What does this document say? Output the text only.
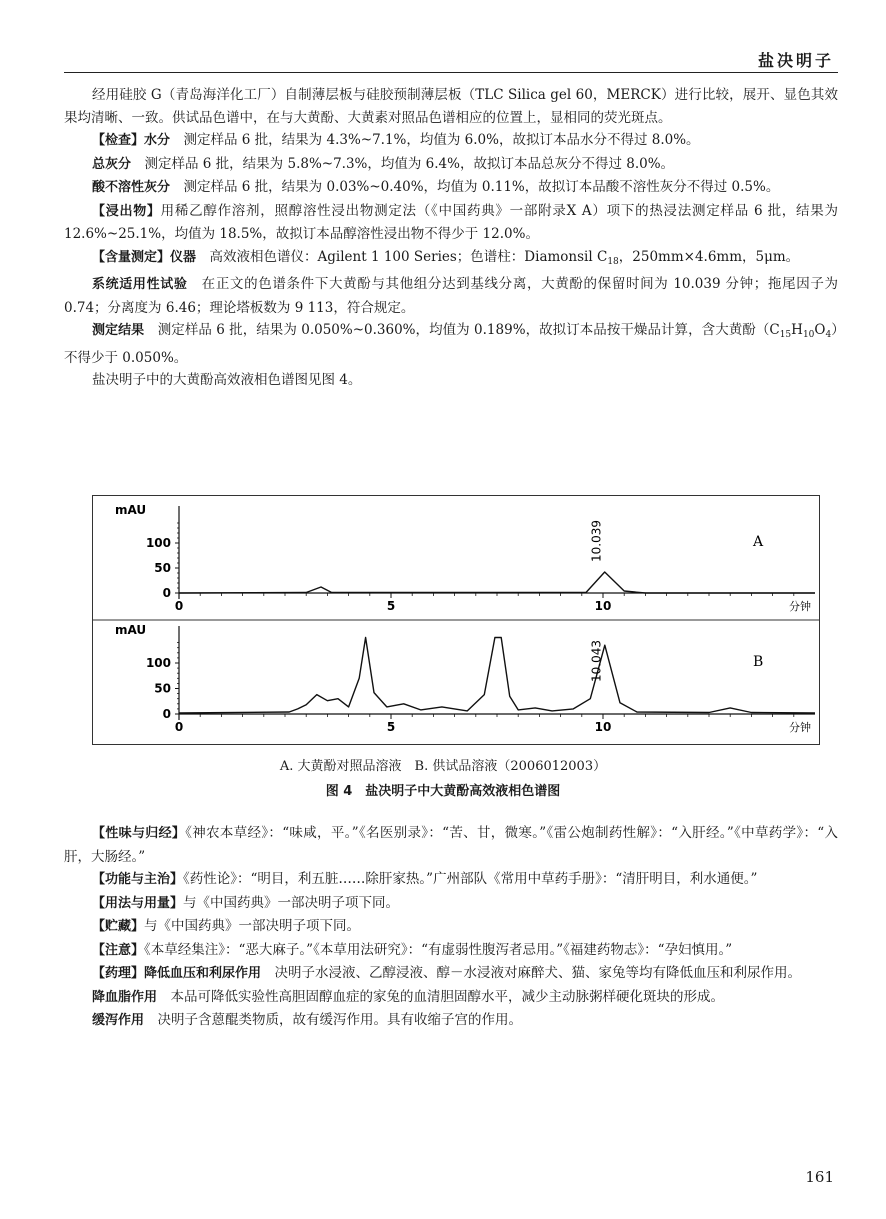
盐决明子

经用硅胶 G（青岛海洋化工厂）自制薄层板与硅胶预制薄层板（TLC Silica gel 60，MERCK）进行比较，展开、显色其效果均清晰、一致。供试品色谱中，在与大黄酚、大黄素对照品色谱相应的位置上，显相同的荧光斑点。

【检查】水分　 测定样品 6 批，结果为 4.3%~7.1%，均值为 6.0%，故拟订本品水分不得过 8.0%。

总灰分　 测定样品 6 批，结果为 5.8%~7.3%，均值为 6.4%，故拟订本品总灰分不得过 8.0%。

酸不溶性灰分　 测定样品 6 批，结果为 0.03%~0.40%，均值为 0.11%，故拟订本品酸不溶性灰分不得过 0.5%。

【浸出物】用稀乙醇作溶剂，照醇溶性浸出物测定法（《中国药典》一部附录Ⅹ A）项下的热浸法测定样品 6 批，结果为 12.6%~25.1%，均值为 18.5%，故拟订本品醇溶性浸出物不得少于 12.0%。

【含量测定】仪器　 高效液相色谱仪：Agilent 1 100 Series；色谱柱：Diamonsil $C_{18}$，250mm×4.6mm，5μm。

系统适用性试验　 在正文的色谱条件下大黄酚与其他组分达到基线分离，大黄酚的保留时间为 10.039 分钟；拖尾因子为 0.74；分离度为 6.46；理论塔板数为 9 113，符合规定。

测定结果　 测定样品 6 批，结果为 0.050%~0.360%，均值为 0.189%，故拟订本品按干燥品计算，含大黄酚$(C_{15}H_{10}O_4)$不得少于 0.050%。

盐决明子中的大黄酚高效液相色谱图见图 4。

mAU
0
50
100
0	5	10	分钟
10.039	A
mAU
0
50
100
0	5	10	分钟
10.043	B
A. 大黄酚对照品溶液　B. 供试品溶液（2006012003）
图 4　盐决明子中大黄酚高效液相色谱图

【性味与归经】《神农本草经》：“味咸，平。”《名医别录》：“苦、甘，微寒。”《雷公炮制药性解》：“入肝经。”《中草药学》：“入肝，大肠经。”

【功能与主治】《药性论》：“明目，利五脏……除肝家热。”广州部队《常用中草药手册》：“清肝明目，利水通便。”

【用法与用量】与《中国药典》一部决明子项下同。

【贮藏】与《中国药典》一部决明子项下同。

【注意】《本草经集注》：“恶大麻子。”《本草用法研究》：“有虚弱性腹泻者忌用。”《福建药物志》：“孕妇慎用。”

【药理】降低血压和利尿作用　 决明子水浸液、乙醇浸液、醇－水浸液对麻醉犬、猫、家兔等均有降低血压和利尿作用。

降血脂作用　 本品可降低实验性高胆固醇血症的家兔的血清胆固醇水平，减少主动脉粥样硬化斑块的形成。

缓泻作用　 决明子含蒽醌类物质，故有缓泻作用。具有收缩子宫的作用。

161
